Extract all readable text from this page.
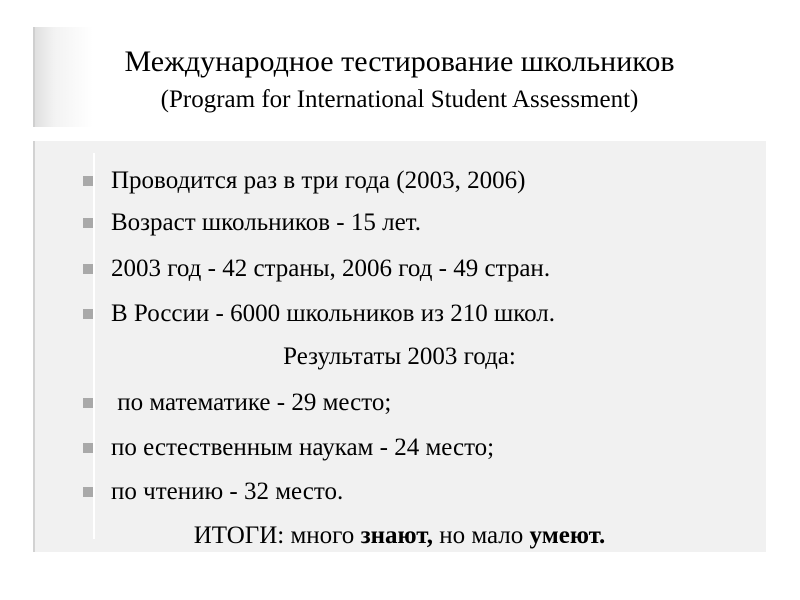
Международное тестирование школьников
(Program for International Student Assessment)
Проводится раз в три года (2003, 2006)
Возраст школьников - 15 лет.
2003 год - 42 страны, 2006 год - 49 стран.
В России - 6000 школьников из 210 школ.
Результаты 2003 года:
по математике - 29 место;
по естественным наукам - 24 место;
по чтению - 32 место.
ИТОГИ: много знают, но мало умеют.
